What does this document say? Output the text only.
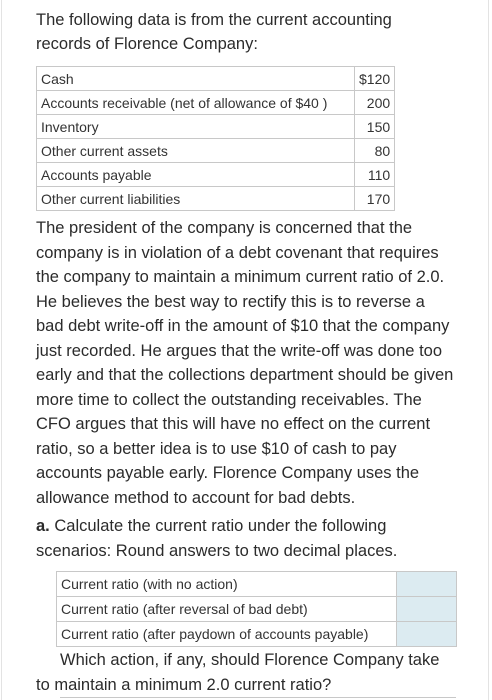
The following data is from the current accounting records of Florence Company:
Cash	$120
Accounts receivable (net of allowance of $40 )	200
Inventory	150
Other current assets	80
Accounts payable	110
Other current liabilities	170
The president of the company is concerned that the company is in violation of a debt covenant that requires the company to maintain a minimum current ratio of 2.0. He believes the best way to rectify this is to reverse a bad debt write-off in the amount of $10 that the company just recorded. He argues that the write-off was done too early and that the collections department should be given more time to collect the outstanding receivables. The CFO argues that this will have no effect on the current ratio, so a better idea is to use $10 of cash to pay accounts payable early. Florence Company uses the allowance method to account for bad debts.
a. Calculate the current ratio under the following scenarios: Round answers to two decimal places.
Current ratio (with no action)	
Current ratio (after reversal of bad debt)	
Current ratio (after paydown of accounts payable)	
Which action, if any, should Florence Company take
to maintain a minimum 2.0 current ratio?
